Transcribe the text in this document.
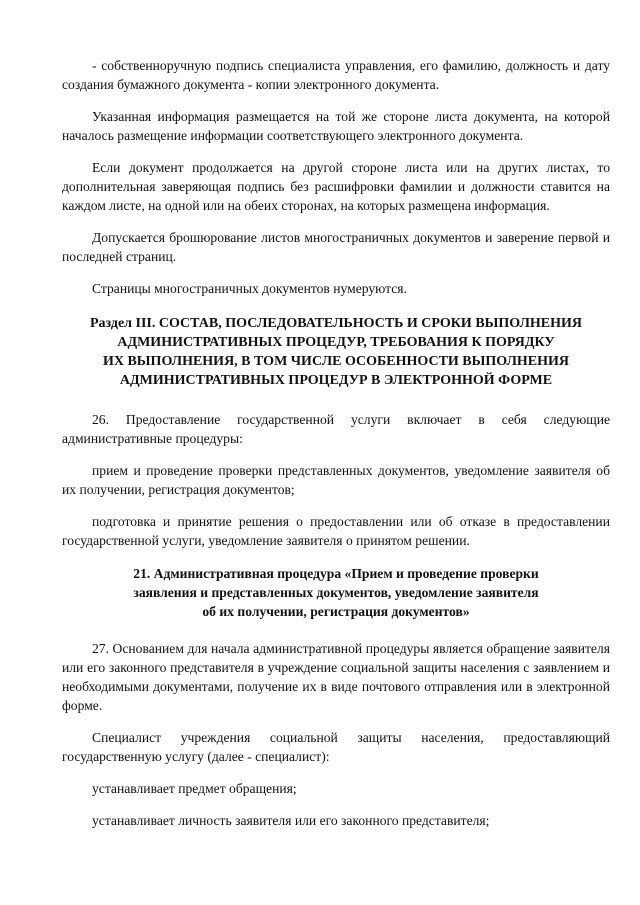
- собственноручную подпись специалиста управления, его фамилию, должность и дату создания бумажного документа - копии электронного документа.

Указанная информация размещается на той же стороне листа документа, на которой началось размещение информации соответствующего электронного документа.

Если документ продолжается на другой стороне листа или на других листах, то дополнительная заверяющая подпись без расшифровки фамилии и должности ставится на каждом листе, на одной или на обеих сторонах, на которых размещена информация.

Допускается брошюрование листов многостраничных документов и заверение первой и последней страниц.

Страницы многостраничных документов нумеруются.

Раздел III. СОСТАВ, ПОСЛЕДОВАТЕЛЬНОСТЬ И СРОКИ ВЫПОЛНЕНИЯ
АДМИНИСТРАТИВНЫХ ПРОЦЕДУР, ТРЕБОВАНИЯ К ПОРЯДКУ
ИХ ВЫПОЛНЕНИЯ, В ТОМ ЧИСЛЕ ОСОБЕННОСТИ ВЫПОЛНЕНИЯ
АДМИНИСТРАТИВНЫХ ПРОЦЕДУР В ЭЛЕКТРОННОЙ ФОРМЕ

26. Предоставление государственной услуги включает в себя следующие административные процедуры:

прием и проведение проверки представленных документов, уведомление заявителя об их получении, регистрация документов;

подготовка и принятие решения о предоставлении или об отказе в предоставлении государственной услуги, уведомление заявителя о принятом решении.

21. Административная процедура «Прием и проведение проверки
заявления и представленных документов, уведомление заявителя
об их получении, регистрация документов»

27. Основанием для начала административной процедуры является обращение заявителя или его законного представителя в учреждение социальной защиты населения с заявлением и необходимыми документами, получение их в виде почтового отправления или в электронной форме.

Специалист учреждения социальной защиты населения, предоставляющий государственную услугу (далее - специалист):

устанавливает предмет обращения;

устанавливает личность заявителя или его законного представителя;
